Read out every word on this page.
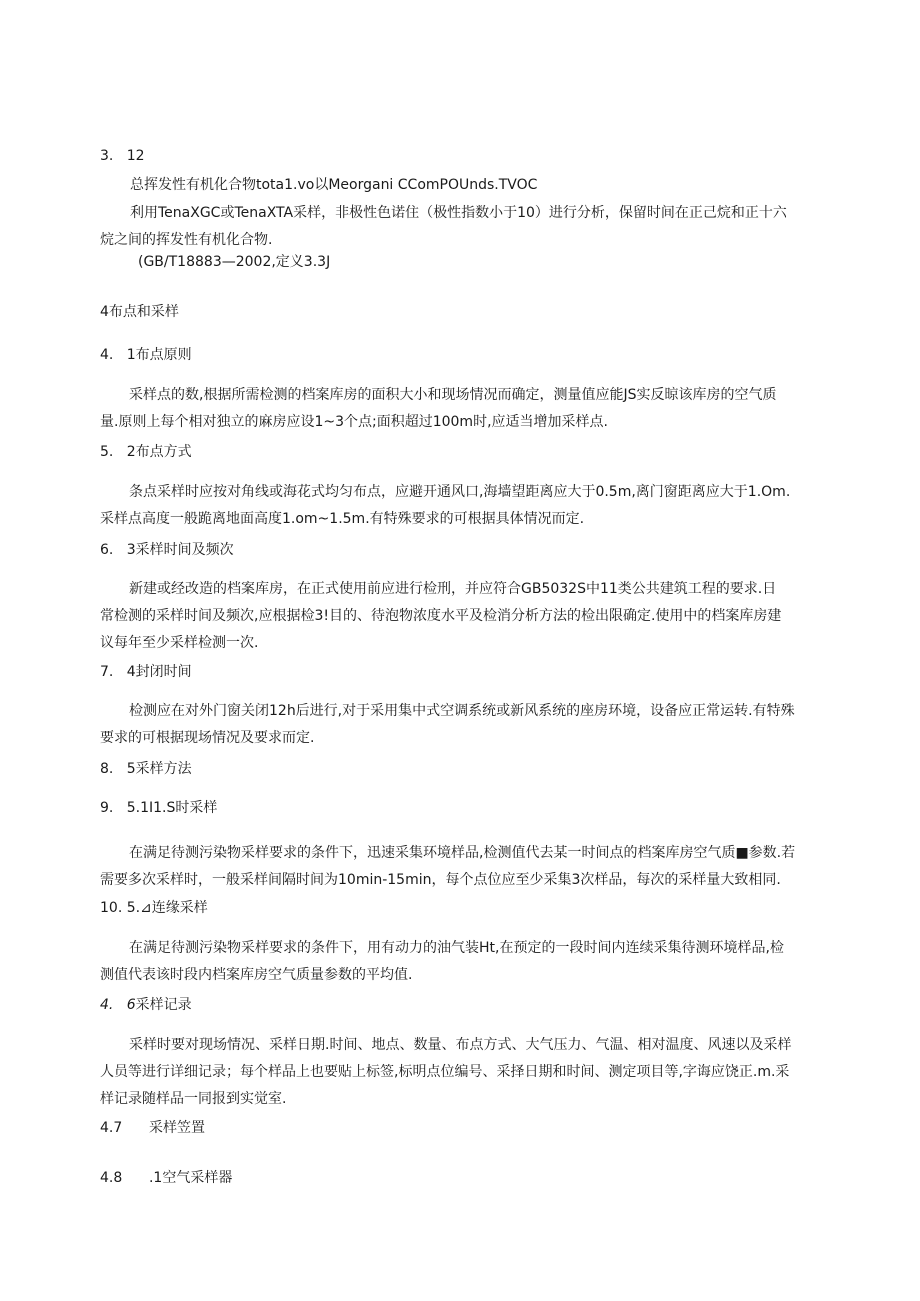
3.   12
总挥发性有机化合物tota1.vo以Meorgani CComPOUnds.TVOC
利用TenaXGC或TenaXTA采样，非极性色诺住（极性指数小于10）进行分析，保留时间在正己烷和正十六
烷之间的挥发性有机化合物.
(GB/T18883—2002,定义3.3J
4布点和采样
4.   1布点原则
采样点的数,根据所需检测的档案库房的面积大小和现场情况而确定，测量值应能JS实反晾该库房的空气质
量.原则上每个相对独立的麻房应设1~3个点;面积超过100m时,应适当增加采样点.
5.   2布点方式
条点采样时应按对角线或海花式均匀布点，应避开通风口,海墙望距离应大于0.5m,离门窗距离应大于1.Om.
采样点高度一般跪离地面高度1.om~1.5m.有特殊要求的可根据具体情况而定.
6.   3采样时间及频次
新建或经改造的档案库房，在正式使用前应进行检刑，并应符合GB5032S中11类公共建筑工程的要求.日
常检测的采样时间及频次,应根据检3!目的、待泡物浓度水平及检消分析方法的检出限确定.使用中的档案库房建
议每年至少采样检测一次.
7.   4封闭时间
检测应在对外门窗关闭12h后进行,对于采用集中式空调系统或新风系统的座房环境，设备应正常运转.有特殊
要求的可根据现场情况及要求而定.
8.   5采样方法
9.   5.1I1.S时采样
在满足待测污染物采样要求的条件下，迅速采集环境样品,检测值代去某一时间点的档案库房空气质■参数.若
需要多次采样时，一般采样间隔时间为10min-15min，每个点位应至少采集3次样品，每次的采样量大致相同.
10. 5.⊿连缘采样
在满足待测污染物采样要求的条件下，用有动力的油气装Ht,在预定的一段时间内连续采集待测环境样品,检
测值代表该时段内档案库房空气质量参数的平均值.
4.   6采样记录
采样时要对现场情况、采样日期.时间、地点、数量、布点方式、大气压力、气温、相对温度、风速以及采样
人员等进行详细记录；每个样品上也要贴上标签,标明点位编号、采择日期和时间、测定项目等,字诲应饶正.m.采
样记录随样品一同报到实觉室.
4.7      采样笠置
4.8      .1空气采样器
